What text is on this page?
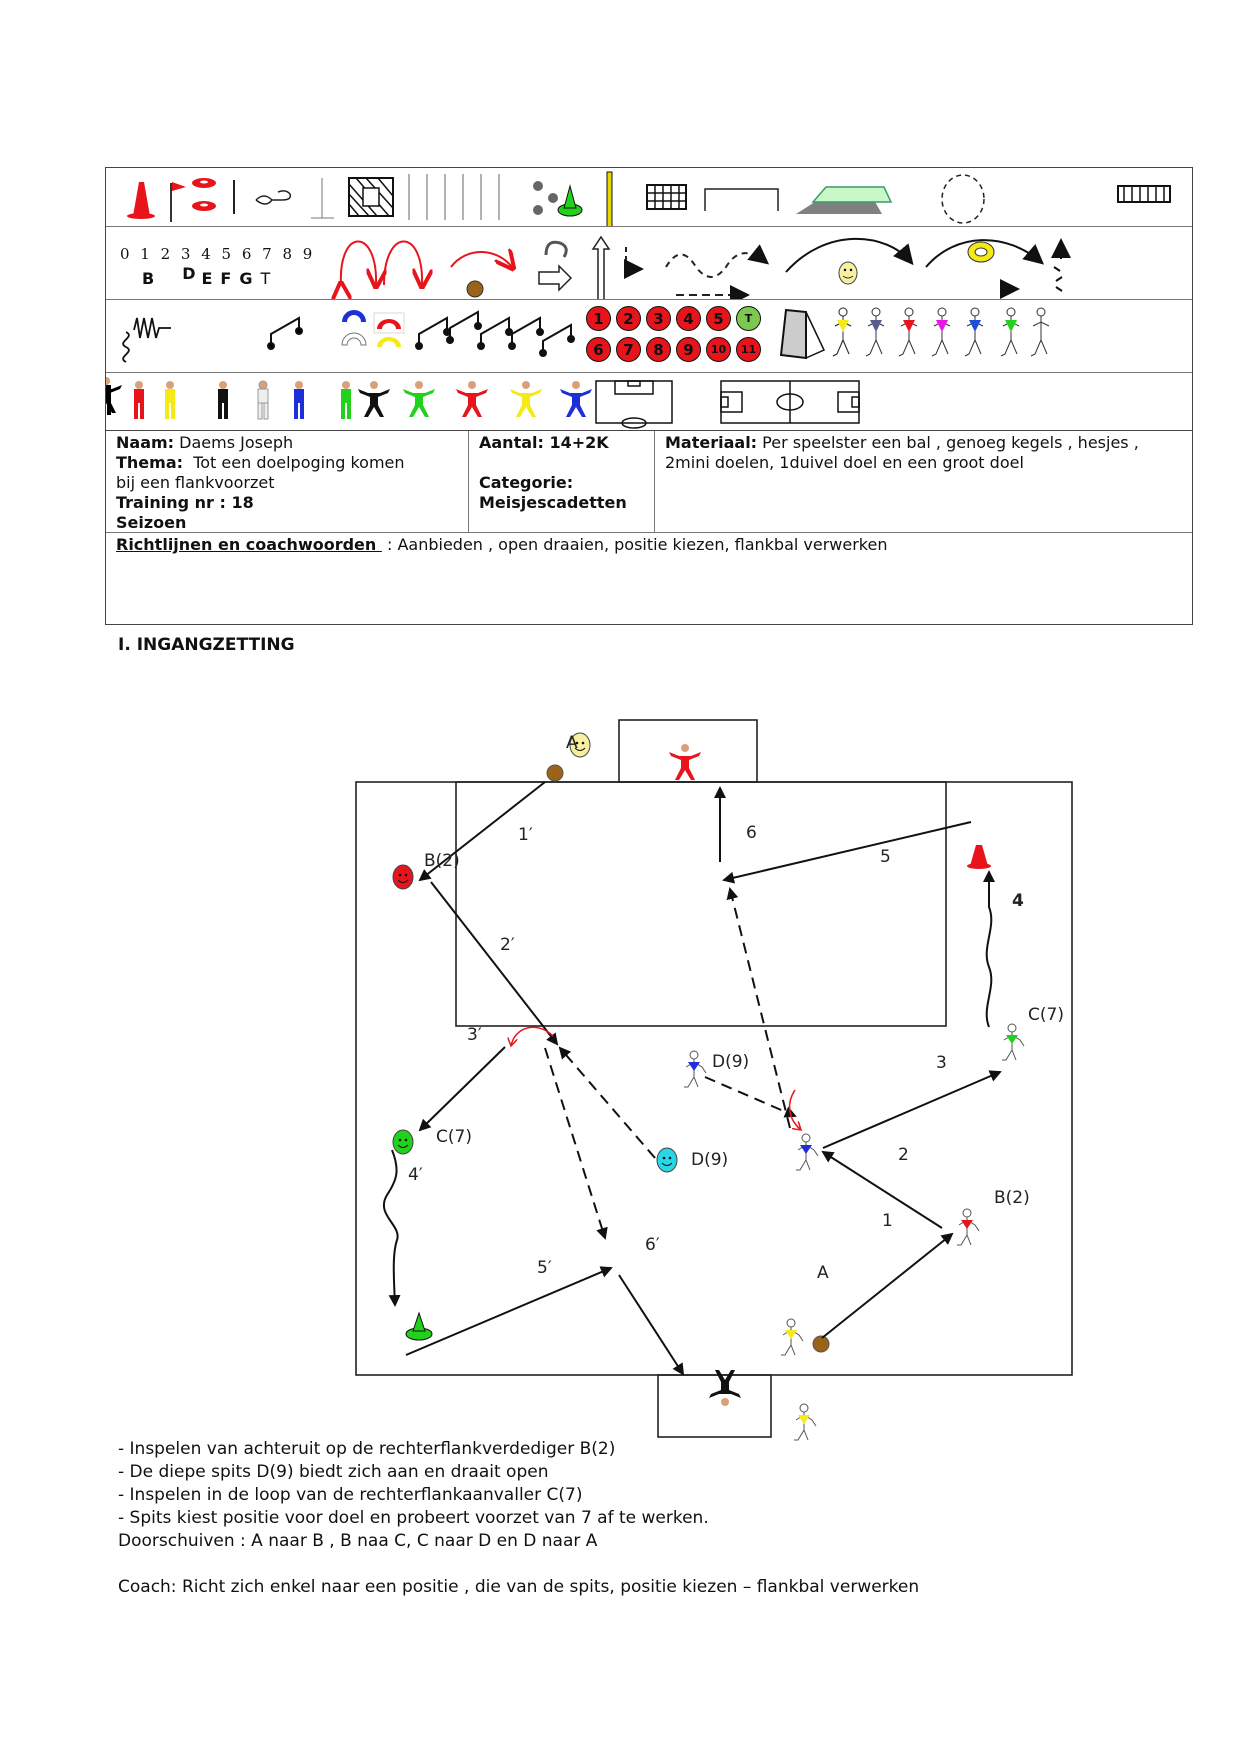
0 1 2 3 4 5 6 7 8 9
B D E F G T
1	2	3	4	5	T
6	7	8	9	10	11
Naam: Daems Joseph
Thema: Tot een doelpoging komen
bij een flankvoorzet
Training nr : 18
Seizoen
Aantal: 14+2K

Categorie:
Meisjescadetten
Materiaal: Per speelster een bal , genoeg kegels , hesjes ,
2mini doelen, 1duivel doel en een groot doel
Richtlijnen en coachwoorden  : Aanbieden , open draaien, positie kiezen, flankbal verwerken
I. INGANGZETTING
A
B(2)
1′
2′
3′
C(7)
4′
D(9)
D(9)
5′
6′
6
5
4
C(7)
3
2
B(2)
1
A
- Inspelen van achteruit op de rechterflankverdediger B(2)
- De diepe spits D(9) biedt zich aan en draait open
- Inspelen in de loop van de rechterflankaanvaller C(7)
- Spits kiest positie voor doel en probeert voorzet van 7 af te werken.
Doorschuiven : A naar B , B naa C, C naar D en D naar A
Coach: Richt zich enkel naar een positie , die van de spits, positie kiezen – flankbal verwerken
